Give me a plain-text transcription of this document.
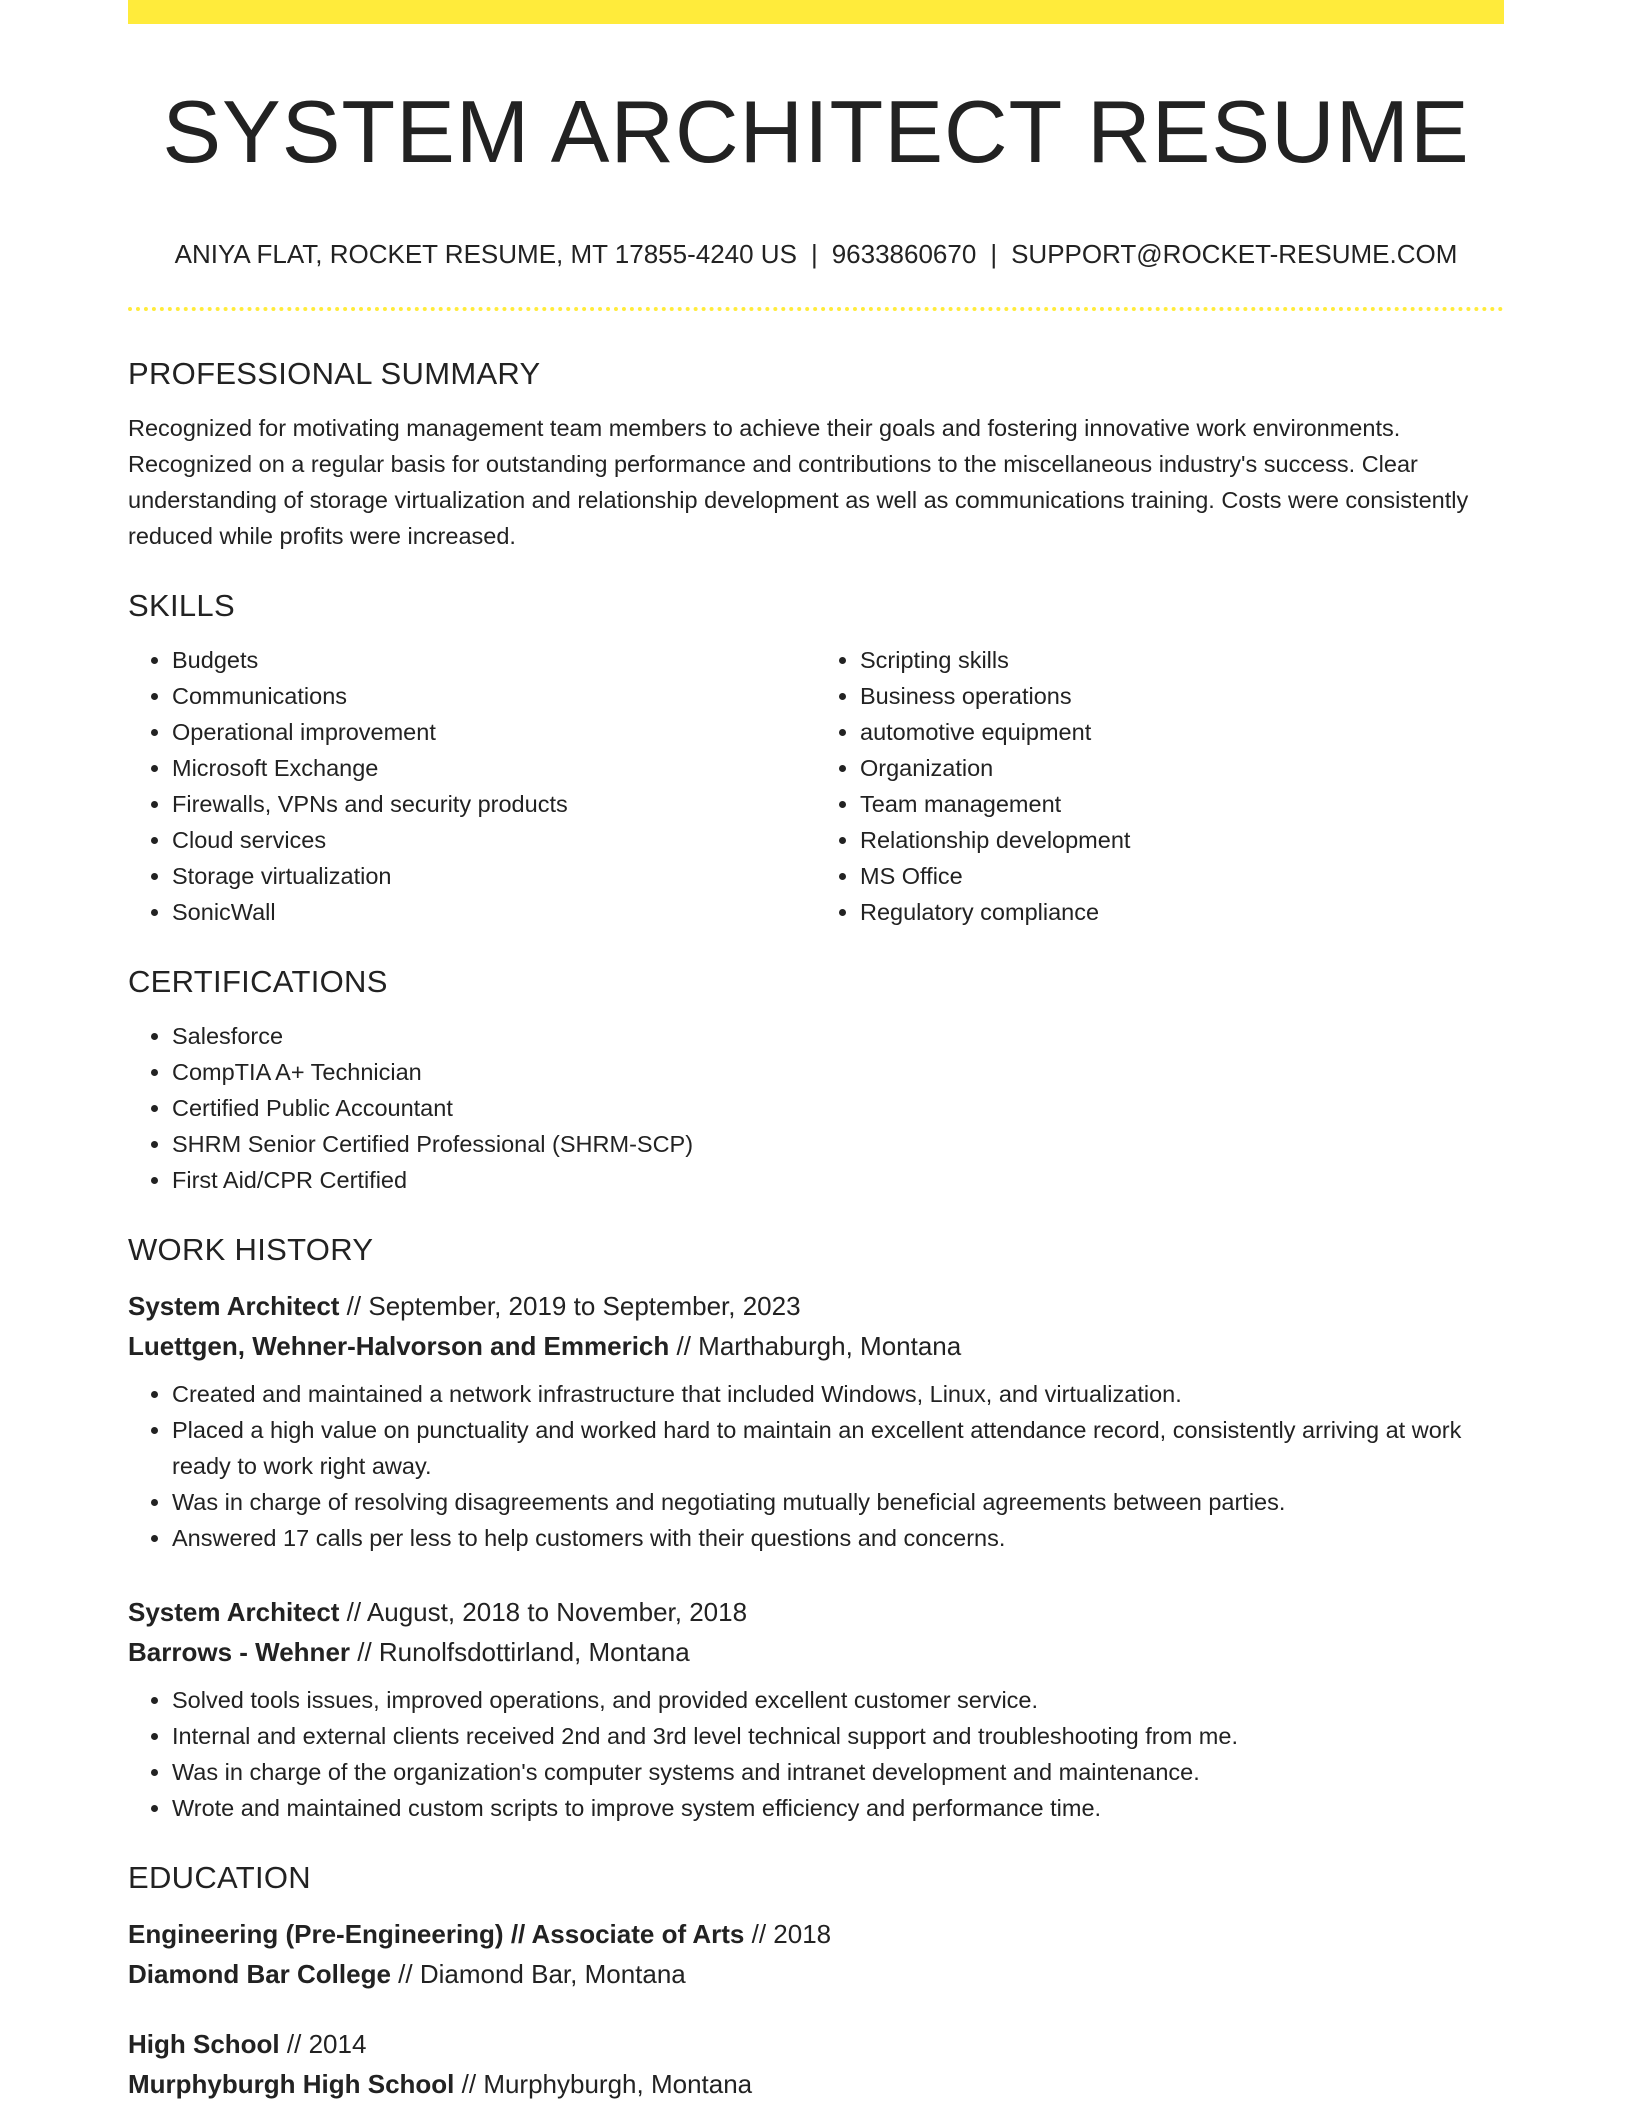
SYSTEM ARCHITECT RESUME
ANIYA FLAT, ROCKET RESUME, MT 17855-4240 US | 9633860670 | SUPPORT@ROCKET-RESUME.COM
PROFESSIONAL SUMMARY

Recognized for motivating management team members to achieve their goals and fostering innovative work environments. Recognized on a regular basis for outstanding performance and contributions to the miscellaneous industry's success. Clear understanding of storage virtualization and relationship development as well as communications training. Costs were consistently reduced while profits were increased.

SKILLS
• Budgets
• Communications
• Operational improvement
• Microsoft Exchange
• Firewalls, VPNs and security products
• Cloud services
• Storage virtualization
• SonicWall
• Scripting skills
• Business operations
• automotive equipment
• Organization
• Team management
• Relationship development
• MS Office
• Regulatory compliance
CERTIFICATIONS
• Salesforce
• CompTIA A+ Technician
• Certified Public Accountant
• SHRM Senior Certified Professional (SHRM-SCP)
• First Aid/CPR Certified
WORK HISTORY
System Architect // September, 2019 to September, 2023
Luettgen, Wehner-Halvorson and Emmerich // Marthaburgh, Montana
• Created and maintained a network infrastructure that included Windows, Linux, and virtualization.
• Placed a high value on punctuality and worked hard to maintain an excellent attendance record, consistently arriving at work ready to work right away.
• Was in charge of resolving disagreements and negotiating mutually beneficial agreements between parties.
• Answered 17 calls per less to help customers with their questions and concerns.
System Architect // August, 2018 to November, 2018
Barrows - Wehner // Runolfsdottirland, Montana
• Solved tools issues, improved operations, and provided excellent customer service.
• Internal and external clients received 2nd and 3rd level technical support and troubleshooting from me.
• Was in charge of the organization's computer systems and intranet development and maintenance.
• Wrote and maintained custom scripts to improve system efficiency and performance time.
EDUCATION
Engineering (Pre-Engineering) // Associate of Arts // 2018
Diamond Bar College // Diamond Bar, Montana
High School // 2014
Murphyburgh High School // Murphyburgh, Montana
